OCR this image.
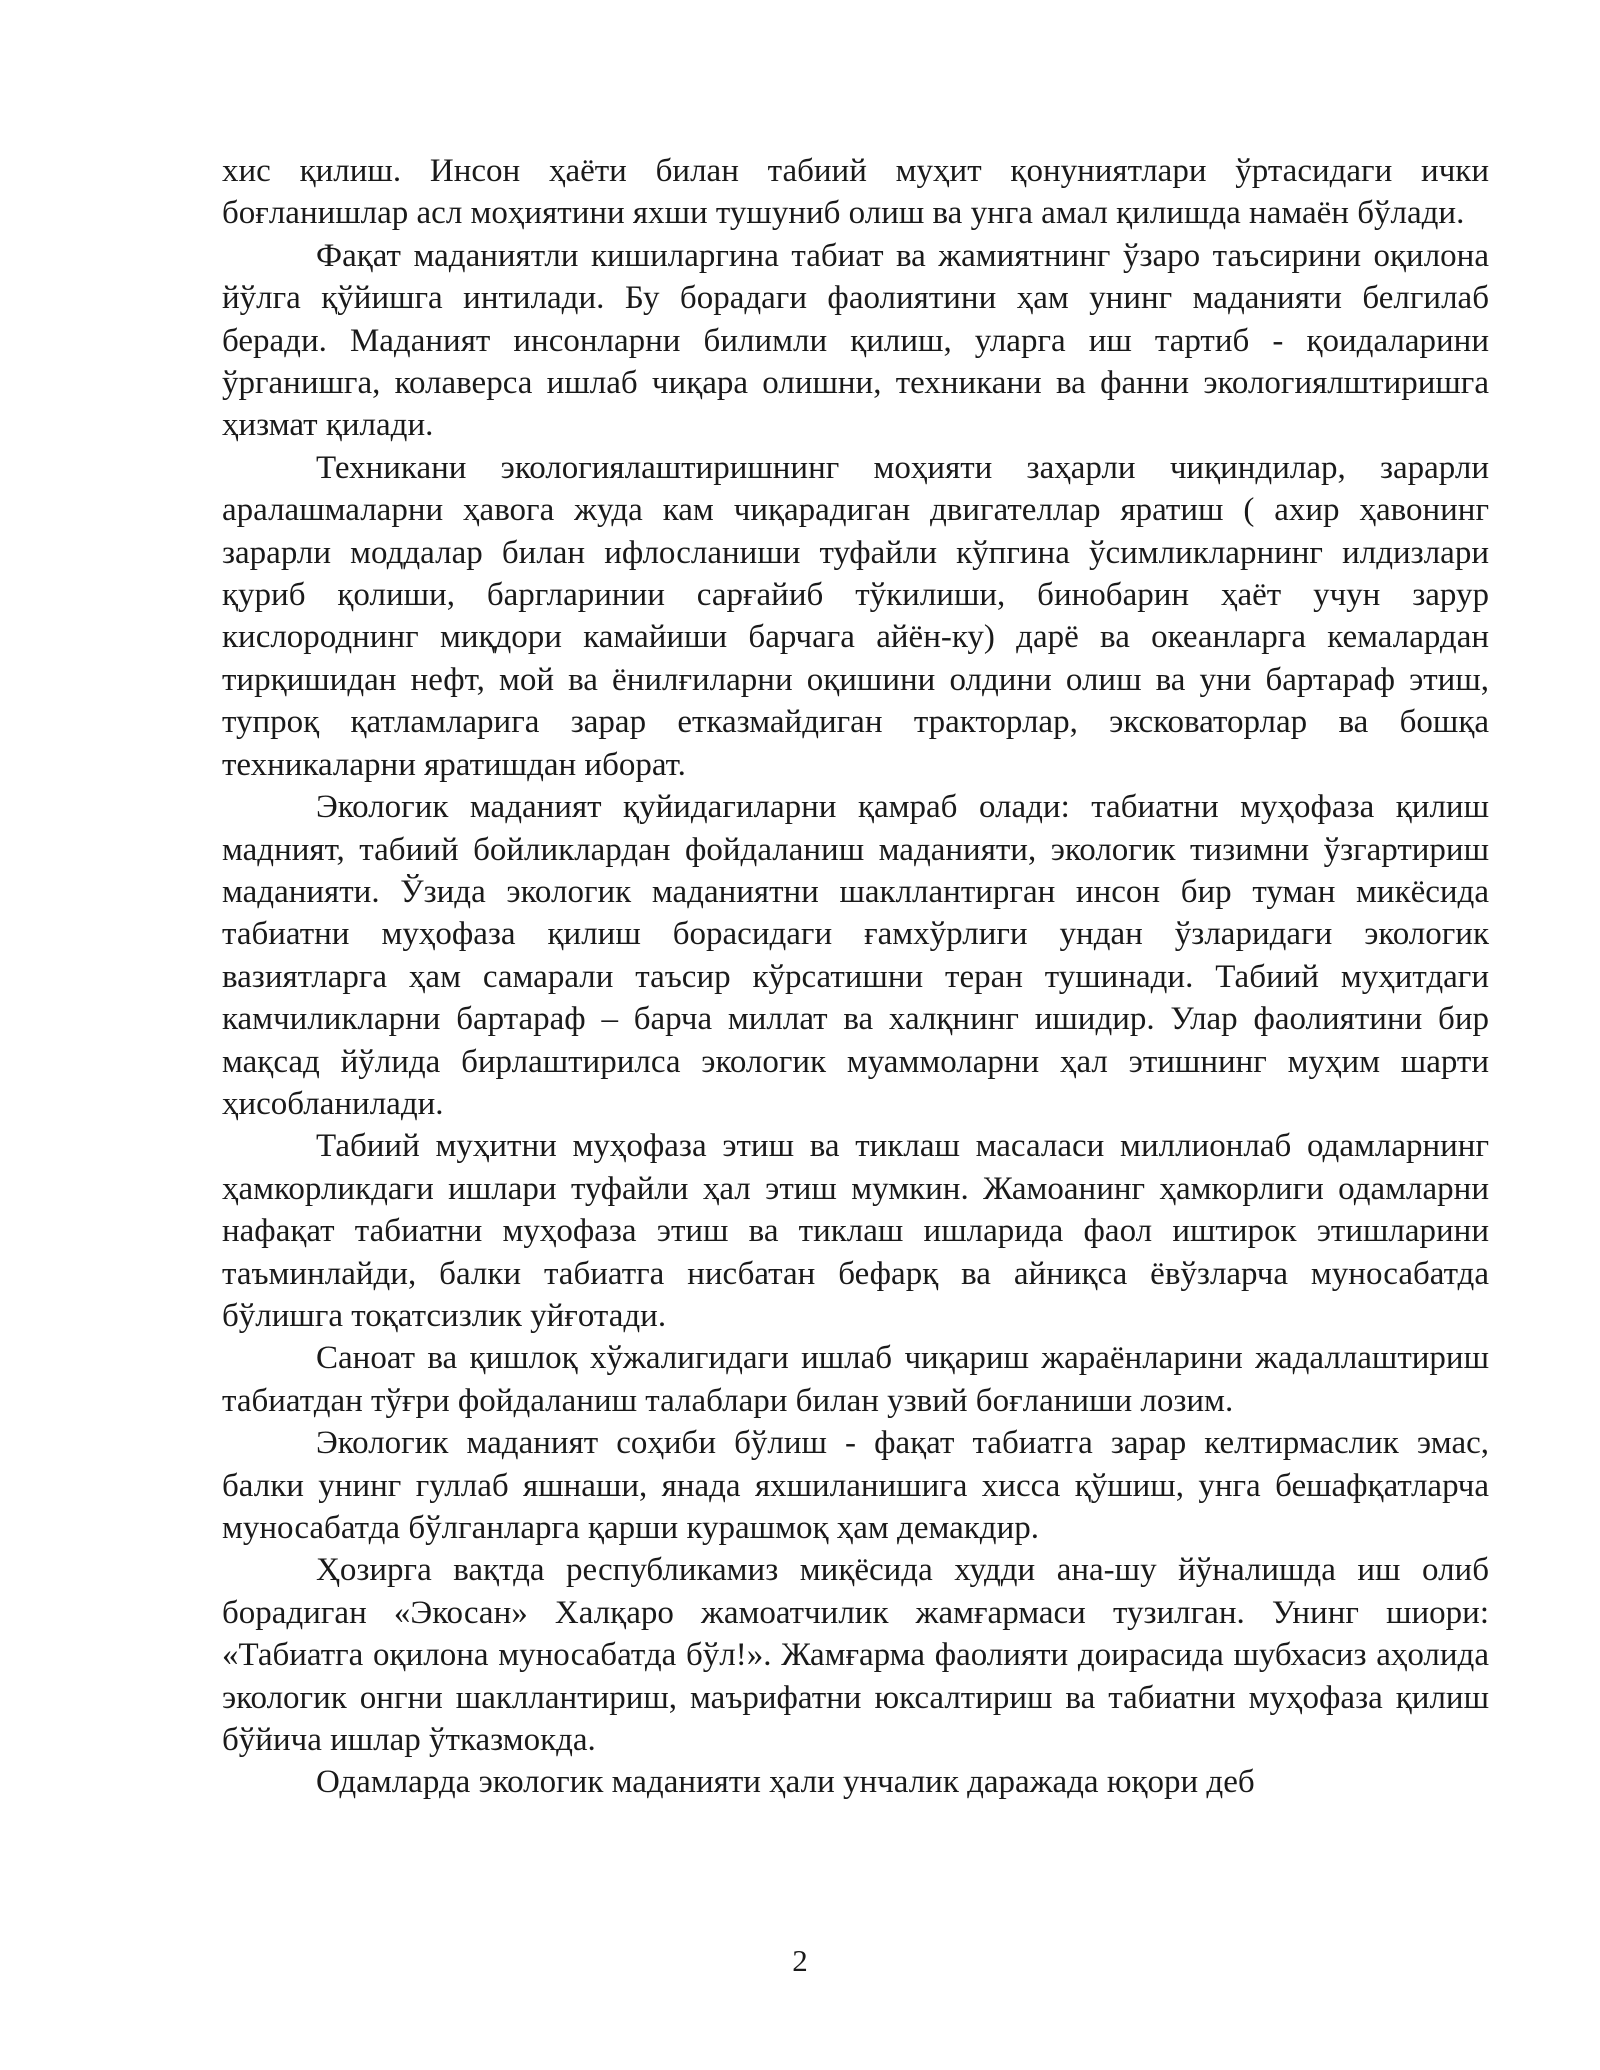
хис қилиш. Инсон ҳаёти билан табиий муҳит қонуниятлари ўртасидаги ички боғланишлар асл моҳиятини яхши тушуниб олиш ва унга амал қилишда намаён бўлади.

Фақат маданиятли кишиларгина табиат ва жамиятнинг ўзаро таъсирини оқилона йўлга қўйишга интилади. Бу борадаги фаолиятини ҳам унинг маданияти белгилаб беради. Маданият инсонларни билимли қилиш, уларга иш тартиб - қоидаларини ўрганишга, колаверса ишлаб чиқара олишни, техникани ва фанни экологиялштиришга ҳизмат қилади.

Техникани экологиялаштиришнинг моҳияти заҳарли чиқиндилар, зарарли аралашмаларни ҳавога жуда кам чиқарадиган двигателлар яратиш ( ахир ҳавонинг зарарли моддалар билан ифлосланиши туфайли кўпгина ўсимликларнинг илдизлари қуриб қолиши, баргларинии сарғайиб тўкилиши, бинобарин ҳаёт учун зарур кислороднинг миқдори камайиши барчага айён-ку) дарё ва океанларга кемалардан тирқишидан нефт, мой ва ёнилғиларни оқишини олдини олиш ва уни бартараф этиш, тупроқ қатламларига зарар етказмайдиган тракторлар, эксковаторлар ва бошқа техникаларни яратишдан иборат.

Экологик маданият қуйидагиларни қамраб олади: табиатни муҳофаза қилиш мадният, табиий бойликлардан фойдаланиш маданияти, экологик тизимни ўзгартириш маданияти. Ўзида экологик маданиятни шакллантирган инсон бир туман микёсида табиатни муҳофаза қилиш борасидаги ғамхўрлиги ундан ўзларидаги экологик вазиятларга ҳам самарали таъсир кўрсатишни теран тушинади. Табиий муҳитдаги камчиликларни бартараф – барча миллат ва халқнинг ишидир. Улар фаолиятини бир мақсад йўлида бирлаштирилса экологик муаммоларни ҳал этишнинг муҳим шарти ҳисобланилади.

Табиий муҳитни муҳофаза этиш ва тиклаш масаласи миллионлаб одамларнинг ҳамкорликдаги ишлари туфайли ҳал этиш мумкин. Жамоанинг ҳамкорлиги одамларни нафақат табиатни муҳофаза этиш ва тиклаш ишларида фаол иштирок этишларини таъминлайди, балки табиатга нисбатан бефарқ ва айниқса ёвўзларча муносабатда бўлишга тоқатсизлик уйғотади.

Саноат ва қишлоқ хўжалигидаги ишлаб чиқариш жараёнларини жадаллаштириш табиатдан тўғри фойдаланиш талаблари билан узвий боғланиши лозим.

Экологик маданият соҳиби бўлиш - фақат табиатга зарар келтирмаслик эмас, балки унинг гуллаб яшнаши, янада яхшиланишига хисса қўшиш, унга бешафқатларча муносабатда бўлганларга қарши курашмоқ ҳам демакдир.

Ҳозирга вақтда республикамиз миқёсида худди ана-шу йўналишда иш олиб борадиган «Экосан» Халқаро жамоатчилик жамғармаси тузилган. Унинг шиори: «Табиатга оқилона муносабатда бўл!». Жамғарма фаолияти доирасида шубхасиз аҳолида экологик онгни шакллантириш, маърифатни юксалтириш ва табиатни муҳофаза қилиш бўйича ишлар ўтказмокда.

Одамларда экологик маданияти ҳали унчалик даражада юқори деб

2
